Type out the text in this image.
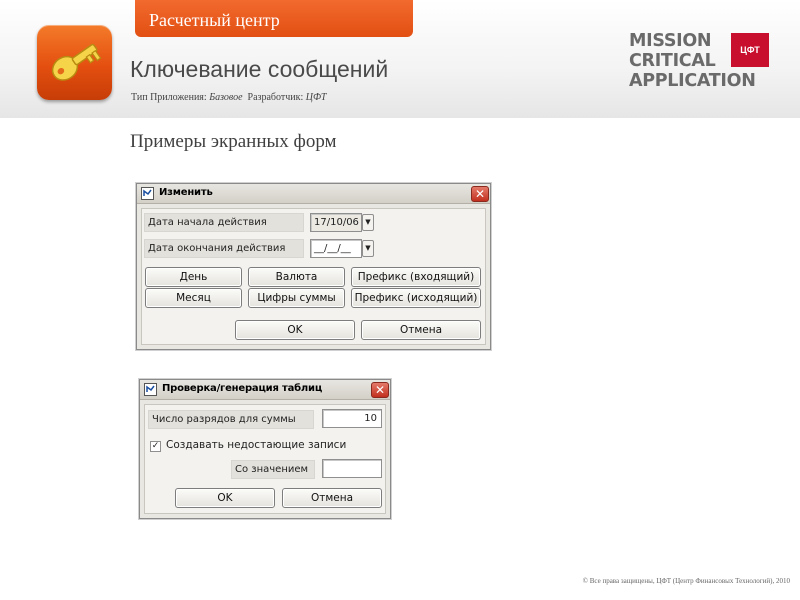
Расчетный центр
Ключевание сообщений
Тип Приложения: Базовое Разработчик: ЦФТ
MISSION
CRITICAL
APPLICATION
ЦФТ
Примеры экранных форм
Изменить	✕
Дата начала действия	17/10/06 ▼
Дата окончания действия	__/__/__	▼
День	Валюта	Префикс (входящий)
Месяц	Цифры суммы	Префикс (исходящий)
OK	Отмена
Проверка/генерация таблиц	✕
Число разрядов для суммы	10
✓ Создавать недостающие записи
Со значением
OK	Отмена
© Все права защищены, ЦФТ (Центр Финансовых Технологий), 2010
